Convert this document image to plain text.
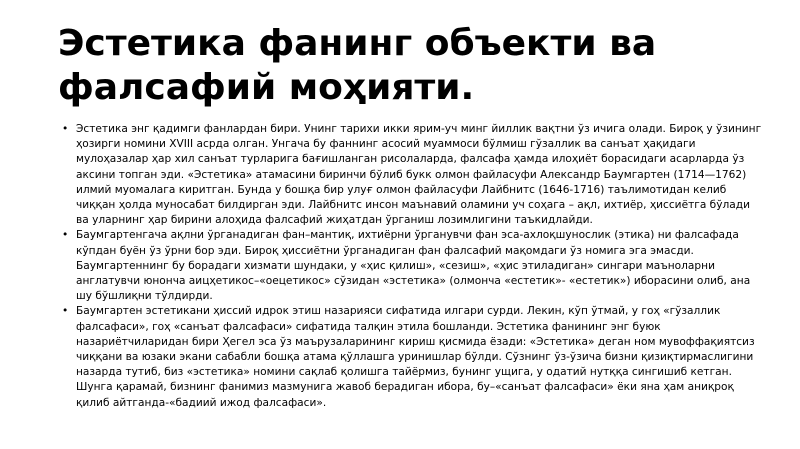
Эстетика фанинг объекти ва фалсафий моҳияти.
• Эстетика энг қадимги фанлардан бири. Унинг тарихи икки ярим-уч минг йиллик вақтни ўз ичига олади. Бироқ у ўзининг ҳозирги номини XVIII асрда олган. Унгача бу фаннинг асосий муаммоси бўлмиш гўзаллик ва санъат ҳақидаги мулоҳазалар ҳар хил санъат турларига бағишланган рисолаларда, фалсафа ҳамда илоҳиёт борасидаги асарларда ўз аксини топган эди. «Эстетика» атамасини биринчи бўлиб букк олмон файласуфи Александр Баумгартен (1714—1762) илмий муомалага киритган. Бунда у бошқа бир улуғ олмон файласуфи Лайбнитс (1646-1716) таълимотидан келиб чиққан ҳолда муносабат билдирган эди. Лайбнитс инсон маънавий оламини уч соҳага – ақл, ихтиёр, ҳиссиётга бўлади ва уларнинг ҳар бирини алоҳида фалсафий жиҳатдан ўрганиш лозимлигини таъкидлайди.
• Баумгартенгача ақлни ўрганадиган фан–мантиқ, ихтиёрни ўрганувчи фан эса-ахлоқшунослик (этика) ни фалсафада кўпдан буён ўз ўрни бор эди. Бироқ ҳиссиётни ўрганадиган фан фалсафий мақомдаги ўз номига эга эмасди. Баумгартеннинг бу борадаги хизмати шундаки, у «ҳис қилиш», «сезиш», «ҳис этиладиган» сингари маъноларни англатувчи юнонча аицҳетикос–«оецетикос» сўзидан «эстетика» (олмонча «естетик»- «естетик») иборасини олиб, ана шу бўшлиқни тўлдирди.
• Баумгартен эстетикани ҳиссий идрок этиш назарияси сифатида илгари сурди. Лекин, кўп ўтмай, у гоҳ «гўзаллик фалсафаси», гоҳ «санъат фалсафаси» сифатида талқин этила бошланди. Эстетика фанининг энг буюк назариётчиларидан бири Ҳегел эса ўз маърузаларининг кириш қисмида ёзади: «Эстетика» деган ном мувоффақиятсиз чиққани ва юзаки экани сабабли бошқа атама қўллашга уринишлар бўлди. Сўзнинг ўз-ўзича бизни қизиқтирмаслигини назарда тутиб, биз «эстетика» номини сақлаб қолишга тайёрмиз, бунинг ущига, у одатий нутққа сингишиб кетган. Шунга қарамай, бизнинг фанимиз мазмунига жавоб берадиган ибора, бу–«санъат фалсафаси» ёки яна ҳам аниқроқ қилиб айтганда-«бадиий ижод фалсафаси».
